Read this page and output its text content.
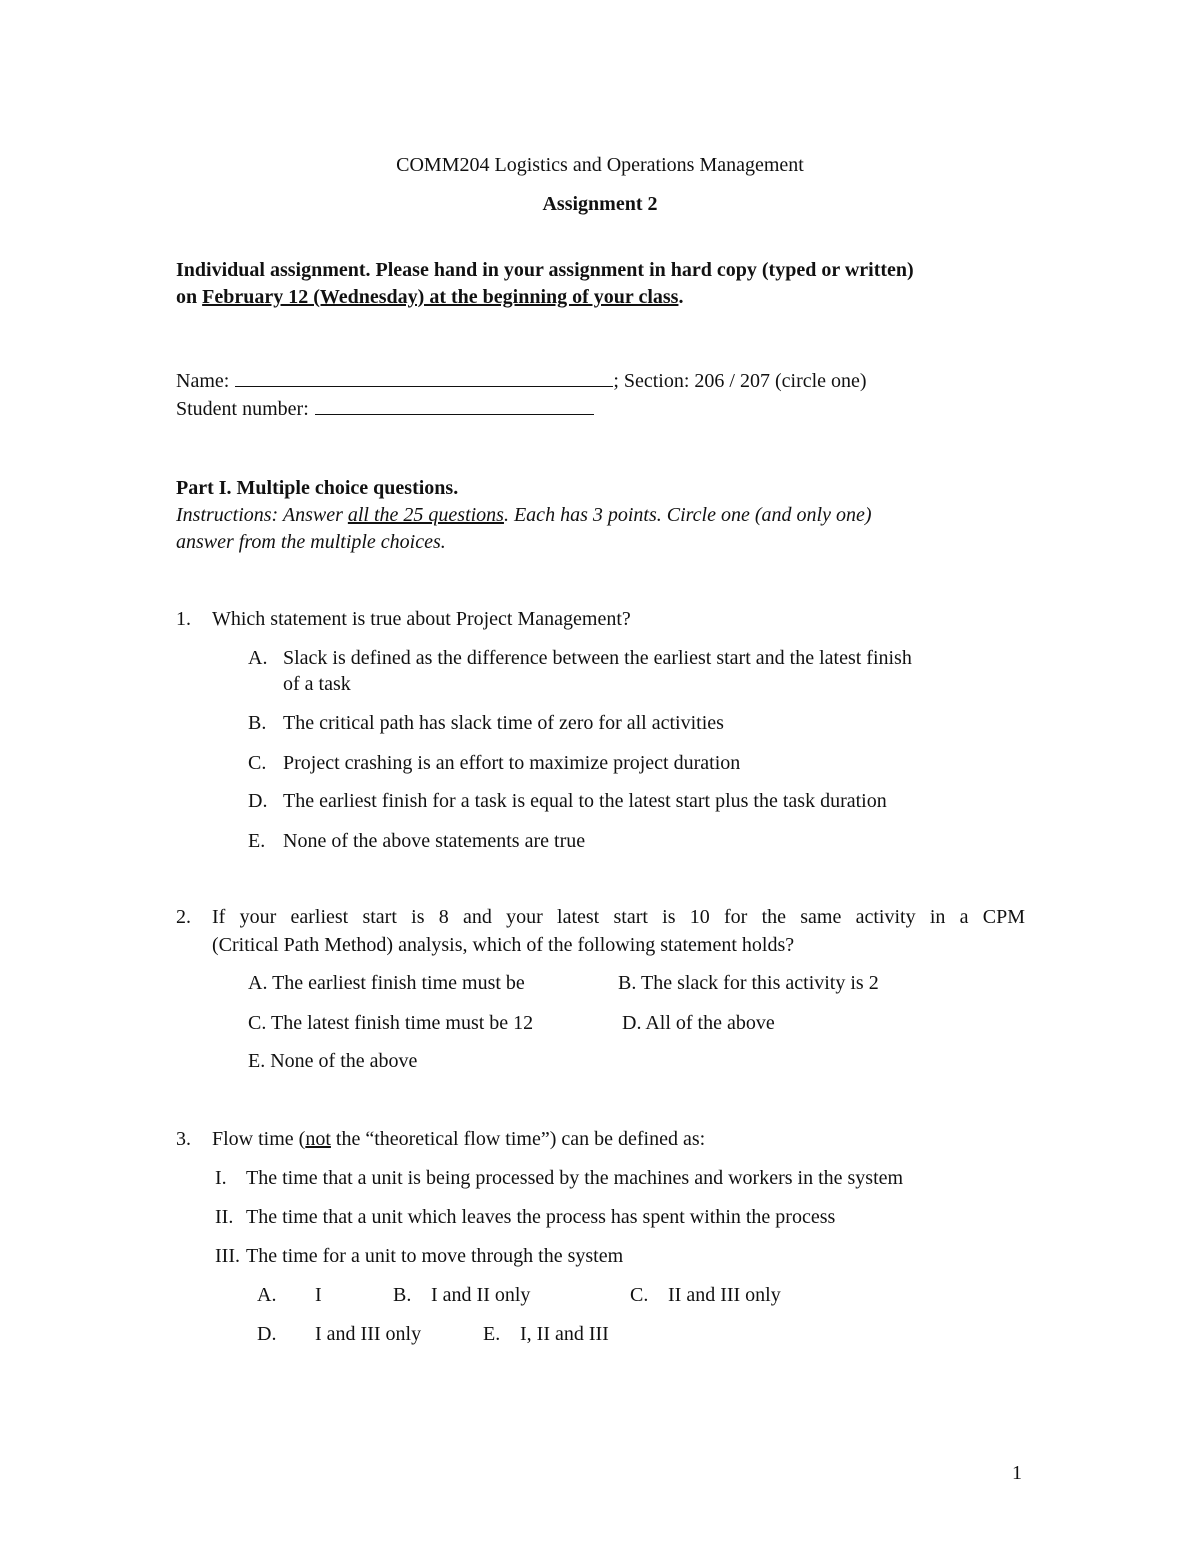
COMM204 Logistics and Operations Management
Assignment 2
Individual assignment. Please hand in your assignment in hard copy (typed or written)
on February 12 (Wednesday) at the beginning of your class.
Name:	; Section: 206 / 207 (circle one)
Student number:
Part I. Multiple choice questions.
Instructions: Answer all the 25 questions. Each has 3 points. Circle one (and only one)
answer from the multiple choices.
1. Which statement is true about Project Management?
A. Slack is defined as the difference between the earliest start and the latest finish
of a task
B. The critical path has slack time of zero for all activities
C. Project crashing is an effort to maximize project duration
D. The earliest finish for a task is equal to the latest start plus the task duration
E. None of the above statements are true
2. If your earliest start is 8 and your latest start is 10 for the same activity in a CPM
(Critical Path Method) analysis, which of the following statement holds?
A. The earliest finish time must be	B. The slack for this activity is 2
C. The latest finish time must be 12	D. All of the above
E. None of the above
3. Flow time (not the “theoretical flow time”) can be defined as:
I. The time that a unit is being processed by the machines and workers in the system
II. The time that a unit which leaves the process has spent within the process
III. The time for a unit to move through the system
A. I	B. I and II only	C. II and III only
D. I and III only	E. I, II and III
1
